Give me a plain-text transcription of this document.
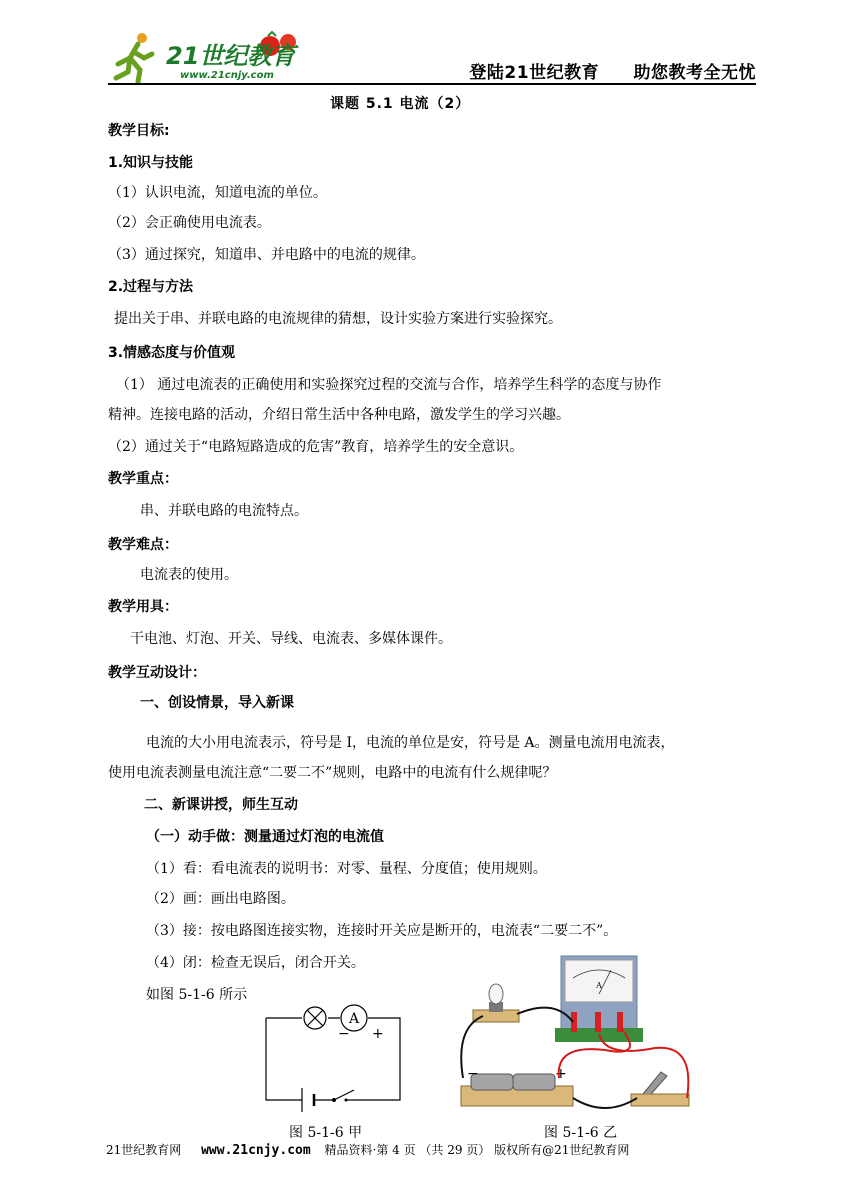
21世纪教育
www.21cnjy.com	登陆21世纪教育 助您教考全无忧
课题 5.1 电流（2）
教学目标:
1.知识与技能
（1）认识电流，知道电流的单位。
（2）会正确使用电流表。
（3）通过探究，知道串、并电路中的电流的规律。
2.过程与方法
提出关于串、并联电路的电流规律的猜想，设计实验方案进行实验探究。
3.情感态度与价值观
（1） 通过电流表的正确使用和实验探究过程的交流与合作，培养学生科学的态度与协作
精神。连接电路的活动，介绍日常生活中各种电路，激发学生的学习兴趣。
（2）通过关于“电路短路造成的危害”教育，培养学生的安全意识。
教学重点：
串、并联电路的电流特点。
教学难点：
电流表的使用。
教学用具：
干电池、灯泡、开关、导线、电流表、多媒体课件。
教学互动设计：
一、创设情景，导入新课
电流的大小用电流表示，符号是 I，电流的单位是安，符号是 A。测量电流用电流表，
使用电流表测量电流注意“二要二不”规则，电路中的电流有什么规律呢？
二、新课讲授，师生互动
（一）动手做：测量通过灯泡的电流值
（1）看：看电流表的说明书：对零、量程、分度值；使用规则。
（2）画：画出电路图。
（3）接：按电路图连接实物，连接时开关应是断开的，电流表“二要二不”。
（4）闭：检查无误后，闭合开关。
如图 5-1-6 所示
A
− +
图 5-1-6 甲
A
−	+
图 5-1-6 乙
21世纪教育网 www.21cnjy.com 精品资料·第 4 页 （共 29 页） 版权所有@21世纪教育网
